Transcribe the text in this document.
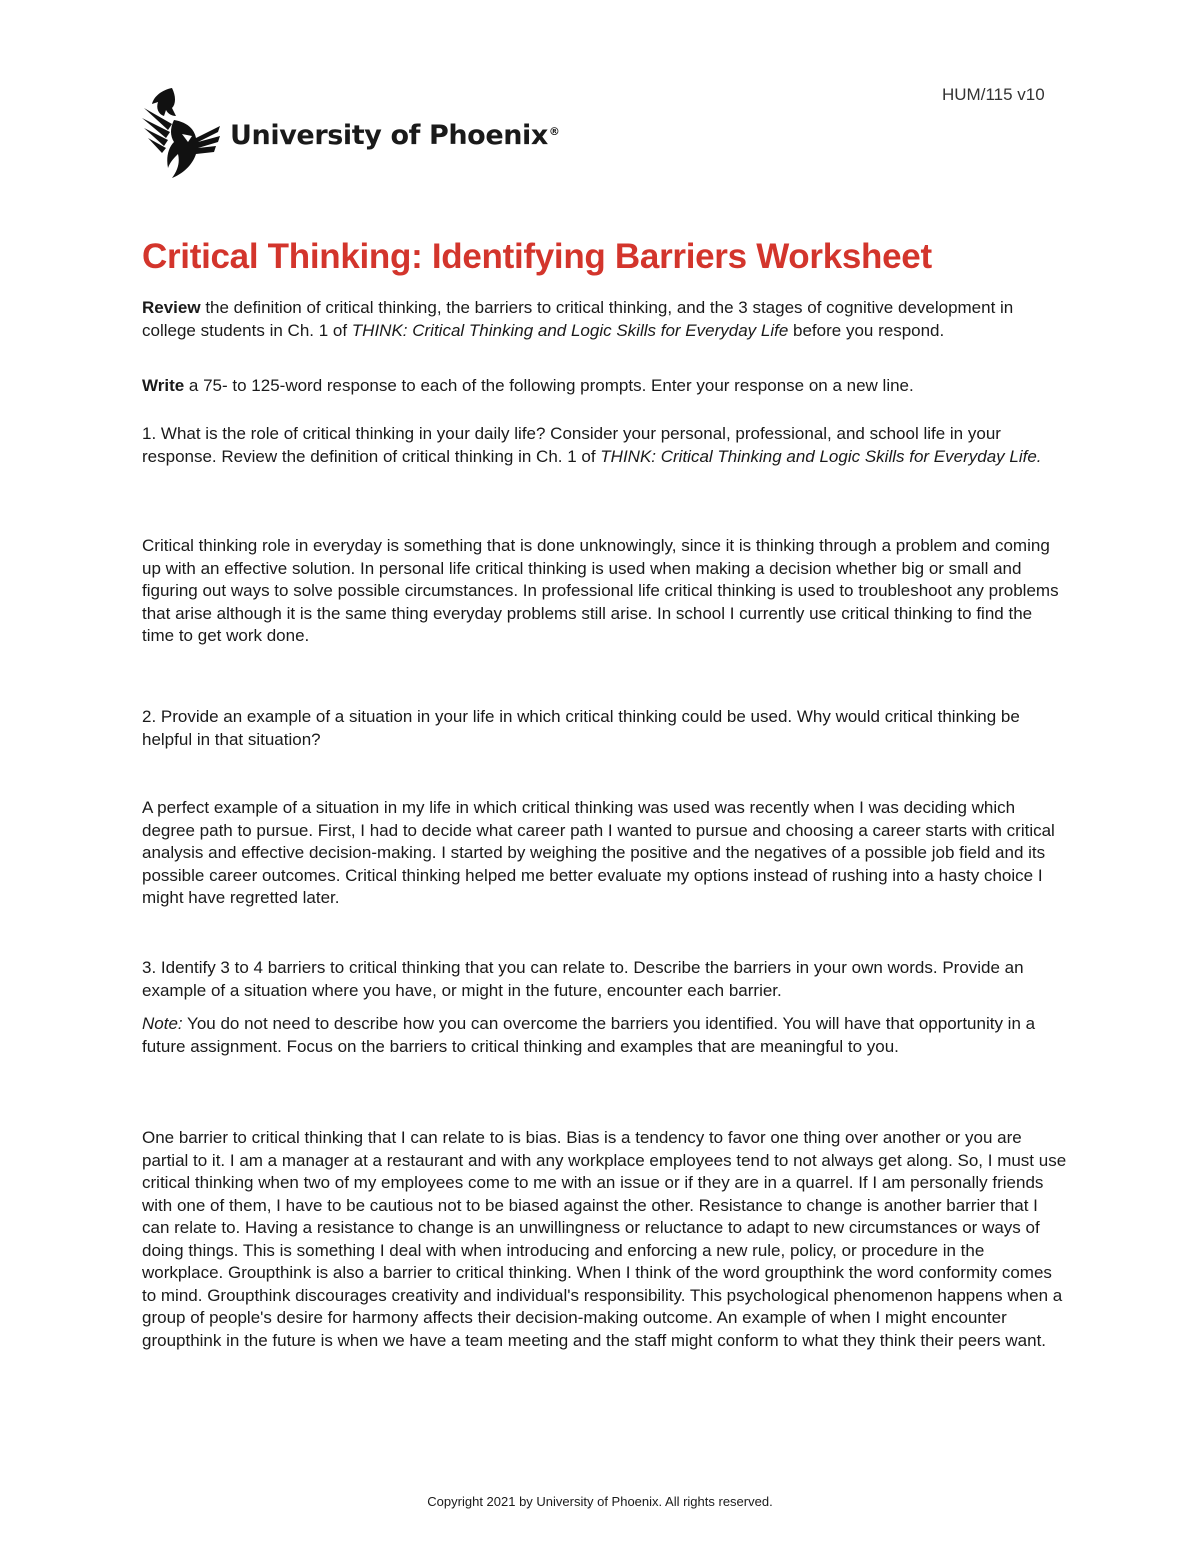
HUM/115 v10
University of Phoenix®
Critical Thinking: Identifying Barriers Worksheet

Review the definition of critical thinking, the barriers to critical thinking, and the 3 stages of cognitive development in college students in Ch. 1 of THINK: Critical Thinking and Logic Skills for Everyday Life before you respond.

Write a 75- to 125-word response to each of the following prompts. Enter your response on a new line.

1. What is the role of critical thinking in your daily life? Consider your personal, professional, and school life in your response. Review the definition of critical thinking in Ch. 1 of THINK: Critical Thinking and Logic Skills for Everyday Life.

Critical thinking role in everyday is something that is done unknowingly, since it is thinking through a problem and coming up with an effective solution. In personal life critical thinking is used when making a decision whether big or small and figuring out ways to solve possible circumstances. In professional life critical thinking is used to troubleshoot any problems that arise although it is the same thing everyday problems still arise. In school I currently use critical thinking to find the time to get work done.

2. Provide an example of a situation in your life in which critical thinking could be used. Why would critical thinking be helpful in that situation?

A perfect example of a situation in my life in which critical thinking was used was recently when I was deciding which degree path to pursue. First, I had to decide what career path I wanted to pursue and choosing a career starts with critical analysis and effective decision-making. I started by weighing the positive and the negatives of a possible job field and its possible career outcomes. Critical thinking helped me better evaluate my options instead of rushing into a hasty choice I might have regretted later.

3. Identify 3 to 4 barriers to critical thinking that you can relate to. Describe the barriers in your own words. Provide an example of a situation where you have, or might in the future, encounter each barrier.

Note: You do not need to describe how you can overcome the barriers you identified. You will have that opportunity in a future assignment. Focus on the barriers to critical thinking and examples that are meaningful to you.

One barrier to critical thinking that I can relate to is bias. Bias is a tendency to favor one thing over another or you are partial to it. I am a manager at a restaurant and with any workplace employees tend to not always get along. So, I must use critical thinking when two of my employees come to me with an issue or if they are in a quarrel. If I am personally friends with one of them, I have to be cautious not to be biased against the other. Resistance to change is another barrier that I can relate to. Having a resistance to change is an unwillingness or reluctance to adapt to new circumstances or ways of doing things. This is something I deal with when introducing and enforcing a new rule, policy, or procedure in the workplace. Groupthink is also a barrier to critical thinking. When I think of the word groupthink the word conformity comes to mind. Groupthink discourages creativity and individual's responsibility. This psychological phenomenon happens when a group of people's desire for harmony affects their decision-making outcome. An example of when I might encounter groupthink in the future is when we have a team meeting and the staff might conform to what they think their peers want.

Copyright 2021 by University of Phoenix. All rights reserved.
